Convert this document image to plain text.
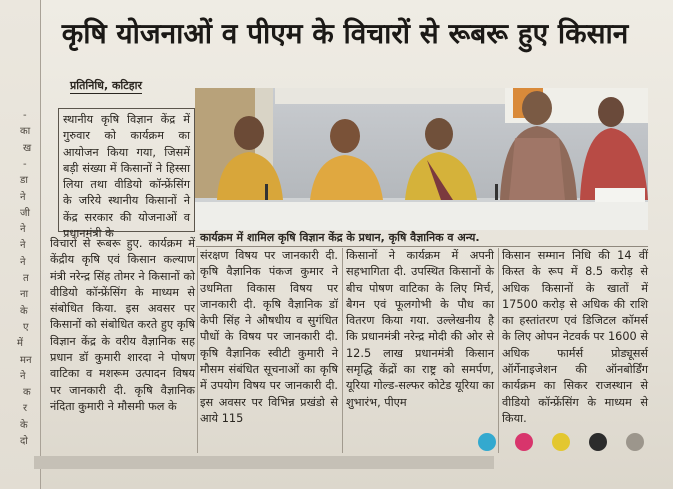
-
का
ख
-
डा
ने
जी
ने
ने
ने
त
ना
के
ए
में
मन
ने
क
र
के
दो
कृषि योजनाओं व पीएम के विचारों से रूबरू हुए किसान
प्रतिनिधि, कटिहार

स्थानीय कृषि विज्ञान केंद्र में गुरुवार को कार्यक्रम का आयोजन किया गया, जिसमें बड़ी संख्या में किसानों ने हिस्सा लिया तथा वीडियो कॉन्फ्रेंसिंग के जरिये स्थानीय किसानों ने केंद्र सरकार की योजनाओं व प्रधानमंत्री के

विचारों से रूबरू हुए. कार्यक्रम में केंद्रीय कृषि एवं किसान कल्याण मंत्री नरेन्द्र सिंह तोमर ने किसानों को वीडियो कॉन्फ्रेंसिंग के माध्यम से संबोधित किया. इस अवसर पर किसानों को संबोधित करते हुए कृषि विज्ञान केंद्र के वरीय वैज्ञानिक सह प्रधान डॉ कुमारी शारदा ने पोषण वाटिका व मशरूम उत्पादन विषय पर जानकारी दी. कृषि वैज्ञानिक नंदिता कुमारी ने मौसमी फल के

कार्यक्रम में शामिल कृषि विज्ञान केंद्र के प्रधान, कृषि वैज्ञानिक व अन्य.

संरक्षण विषय पर जानकारी दी. कृषि वैज्ञानिक पंकज कुमार ने उधमिता विकास विषय पर जानकारी दी. कृषि वैज्ञानिक डॉ केपी सिंह ने औषधीय व सुगंधित पौधों के विषय पर जानकारी दी. कृषि वैज्ञानिक स्वीटी कुमारी ने मौसम संबंधित सूचनाओं का कृषि में उपयोग विषय पर जानकारी दी. इस अवसर पर विभिन्न प्रखंडो से आये 115

किसानों ने कार्यक्रम में अपनी सहभागिता दी. उपस्थित किसानों के बीच पोषण वाटिका के लिए मिर्च, बैगन एवं फूलगोभी के पौध का वितरण किया गया. उल्लेखनीय है कि प्रधानमंत्री नरेन्द्र मोदी की ओर से 12.5 लाख प्रधानमंत्री किसान समृद्धि केंद्रों का राष्ट्र को समर्पण, यूरिया गोल्ड-सल्फर कोटेड यूरिया का शुभारंभ, पीएम

किसान सम्मान निधि की 14 वीं किस्त के रूप में 8.5 करोड़ से अधिक किसानों के खातों में 17500 करोड़ से अधिक की राशि का हस्तांतरण एवं डिजिटल कॉमर्स के लिए ओपन नेटवर्क पर 1600 से अधिक फार्मर्स प्रोड्यूसर्स ऑर्गेनाइजेशन की ऑनबोर्डिंग कार्यक्रम का सिकर राजस्थान से वीडियो कॉन्फ्रेंसिंग के माध्यम से किया.
